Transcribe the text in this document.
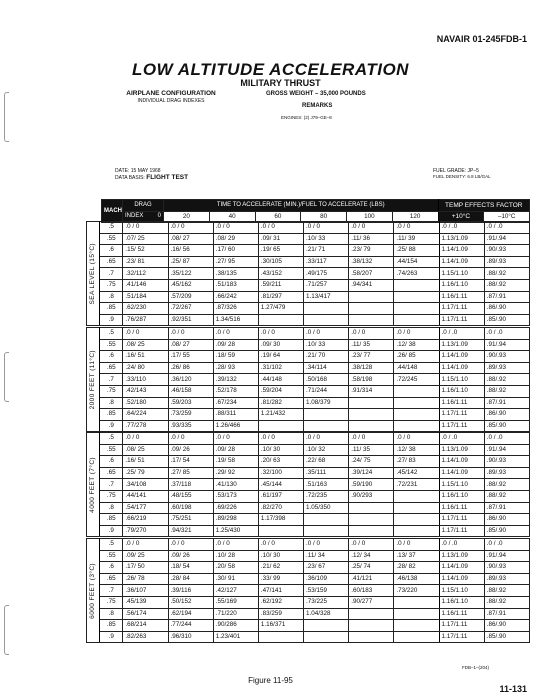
NAVAIR 01-245FDB-1
LOW ALTITUDE ACCELERATION
MILITARY THRUST
AIRPLANE CONFIGURATION
INDIVIDUAL DRAG INDEXES
GROSS WEIGHT – 35,000 POUNDS
REMARKS
ENGINES: (2) J79–GE–8
DATE: 15 MAY 1968
DATA BASIS: FLIGHT TEST
FUEL GRADE: JP–5
FUEL DENSITY: 6.8 LB/GAL
	MACH	DRAG	TIME TO ACCELERATE (MIN.)/FUEL TO ACCELERATE (LBS)						TEMP EFFECTS FACTOR	
		INDEX 0	20	40	60	80	100	120	+10°C	–10°C
SEA LEVEL (15°C)	.5	.0 / 0	.0 / 0	.0 / 0	.0 / 0	.0 / 0	.0 / 0	.0 / 0	.0 / .0	.0 / .0
	.55	.07/ 25	.08/ 27	.08/ 29	.09/ 31	.10/ 33	.11/ 36	.11/ 39	1.13/1.09	.91/.94
	.6	.15/ 52	.16/ 56	.17/ 60	.19/ 65	.21/ 71	.23/ 79	.25/ 88	1.14/1.09	.90/.93
	.65	.23/ 81	.25/ 87	.27/ 95	.30/105	.33/117	.38/132	.44/154	1.14/1.09	.89/.93
	.7	.32/112	.35/122	.38/135	.43/152	.49/175	.58/207	.74/263	1.15/1.10	.88/.92
	.75	.41/146	.45/162	.51/183	.59/211	.71/257	.94/341		1.16/1.10	.88/.92
	.8	.51/184	.57/209	.66/242	.81/297	1.13/417			1.16/1.11	.87/.91
	.85	.62/230	.72/267	.87/326	1.27/479				1.17/1.11	.86/.90
	.9	.76/287	.92/351	1.34/516					1.17/1.11	.85/.90
2000 FEET (11°C)	.5	.0 / 0	.0 / 0	.0 / 0	.0 / 0	.0 / 0	.0 / 0	.0 / 0	.0 / .0	.0 / .0
	.55	.08/ 25	.08/ 27	.09/ 28	.09/ 30	.10/ 33	.11/ 35	.12/ 38	1.13/1.09	.91/.94
	.6	.16/ 51	.17/ 55	.18/ 59	.19/ 64	.21/ 70	.23/ 77	.26/ 85	1.14/1.09	.90/.93
	.65	.24/ 80	.26/ 86	.28/ 93	.31/102	.34/114	.38/128	.44/148	1.14/1.09	.89/.93
	.7	.33/110	.36/120	.39/132	.44/148	.50/168	.58/198	.72/245	1.15/1.10	.88/.92
	.75	.42/143	.46/158	.52/178	.59/204	.71/244	.91/314		1.16/1.10	.88/.92
	.8	.52/180	.59/203	.67/234	.81/282	1.08/379			1.16/1.11	.87/.91
	.85	.64/224	.73/259	.88/311	1.21/432				1.17/1.11	.86/.90
	.9	.77/278	.93/335	1.26/466					1.17/1.11	.85/.90
4000 FEET (7°C)	.5	.0 / 0	.0 / 0	.0 / 0	.0 / 0	.0 / 0	.0 / 0	.0 / 0	.0 / .0	.0 / .0
	.55	.08/ 25	.09/ 26	.09/ 28	.10/ 30	.10/ 32	.11/ 35	.12/ 38	1.13/1.09	.91/.94
	.6	.16/ 51	.17/ 54	.19/ 58	.20/ 63	.22/ 68	.24/ 75	.27/ 83	1.14/1.09	.90/.93
	.65	.25/ 79	.27/ 85	.29/ 92	.32/100	.35/111	.39/124	.45/142	1.14/1.09	.89/.93
	.7	.34/108	.37/118	.41/130	.45/144	.51/163	.59/190	.72/231	1.15/1.10	.88/.92
	.75	.44/141	.48/155	.53/173	.61/197	.72/235	.90/293		1.16/1.10	.88/.92
	.8	.54/177	.60/198	.69/226	.82/270	1.05/350			1.16/1.11	.87/.91
	.85	.66/219	.75/251	.89/298	1.17/398				1.17/1.11	.86/.90
	.9	.79/270	.94/321	1.25/430					1.17/1.11	.85/.90
6000 FEET (3°C)	.5	.0 / 0	.0 / 0	.0 / 0	.0 / 0	.0 / 0	.0 / 0	.0 / 0	.0 / .0	.0 / .0
	.55	.09/ 25	.09/ 26	.10/ 28	.10/ 30	.11/ 34	.12/ 34	.13/ 37	1.13/1.09	.91/.94
	.6	.17/ 50	.18/ 54	.20/ 58	.21/ 62	.23/ 67	.25/ 74	.28/ 82	1.14/1.09	.90/.93
	.65	.26/ 78	.28/ 84	.30/ 91	.33/ 99	.36/109	.41/121	.46/138	1.14/1.09	.89/.93
	.7	.36/107	.39/116	.42/127	.47/141	.53/159	.60/183	.73/220	1.15/1.10	.88/.92
	.75	.45/139	.50/152	.55/169	.62/192	.73/225	.90/277		1.16/1.10	.88/.92
	.8	.56/174	.62/194	.71/220	.83/259	1.04/328			1.16/1.11	.87/.91
	.85	.68/214	.77/244	.90/286	1.16/371				1.17/1.11	.86/.90
	.9	.82/263	.96/310	1.23/401					1.17/1.11	.85/.90
FDB–1–(204)
Figure 11-95
11-131
